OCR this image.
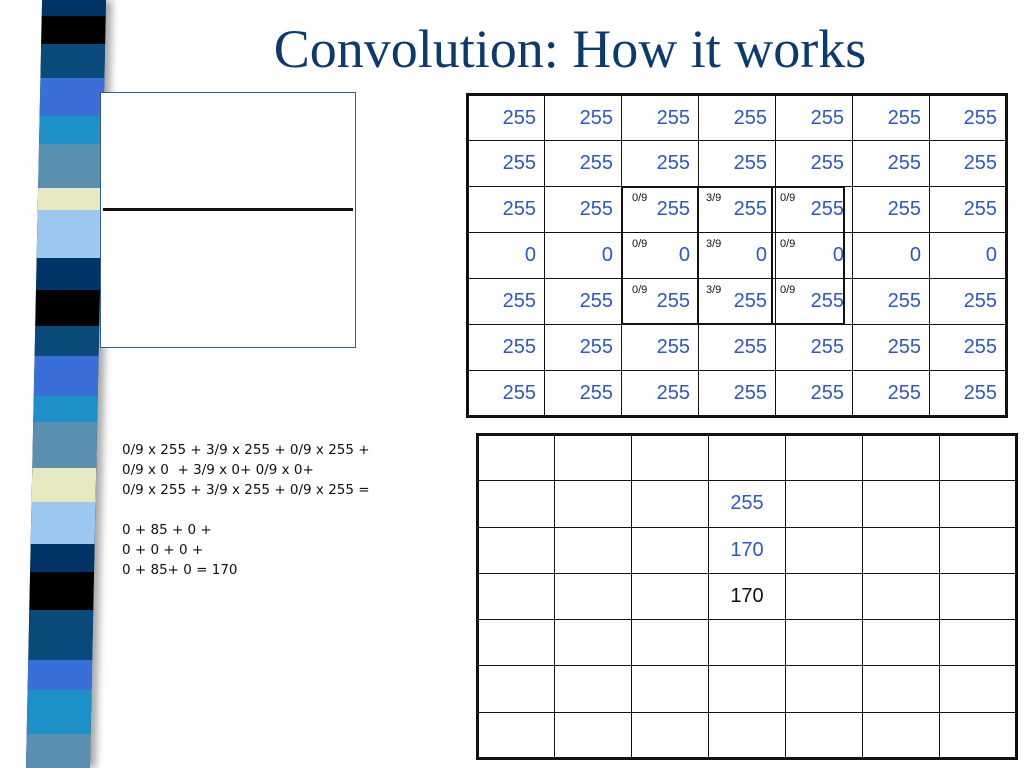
Convolution: How it works
255	255	255	255	255	255	255
255	255	255	255	255	255	255
255	255	255	255	255	255	255
0	0	0	0	0	0	0
255	255	255	255	255	255	255
255	255	255	255	255	255	255
255	255	255	255	255	255	255
0/9	3/9	0/9
0/9	3/9	0/9
0/9	3/9	0/9

			255			
			170			
			170			

0/9 x 255 + 3/9 x 255 + 0/9 x 255 +
0/9 x 0  + 3/9 x 0+ 0/9 x 0+
0/9 x 255 + 3/9 x 255 + 0/9 x 255 =
0 + 85 + 0 +
0 + 0 + 0 +
0 + 85+ 0 = 170
